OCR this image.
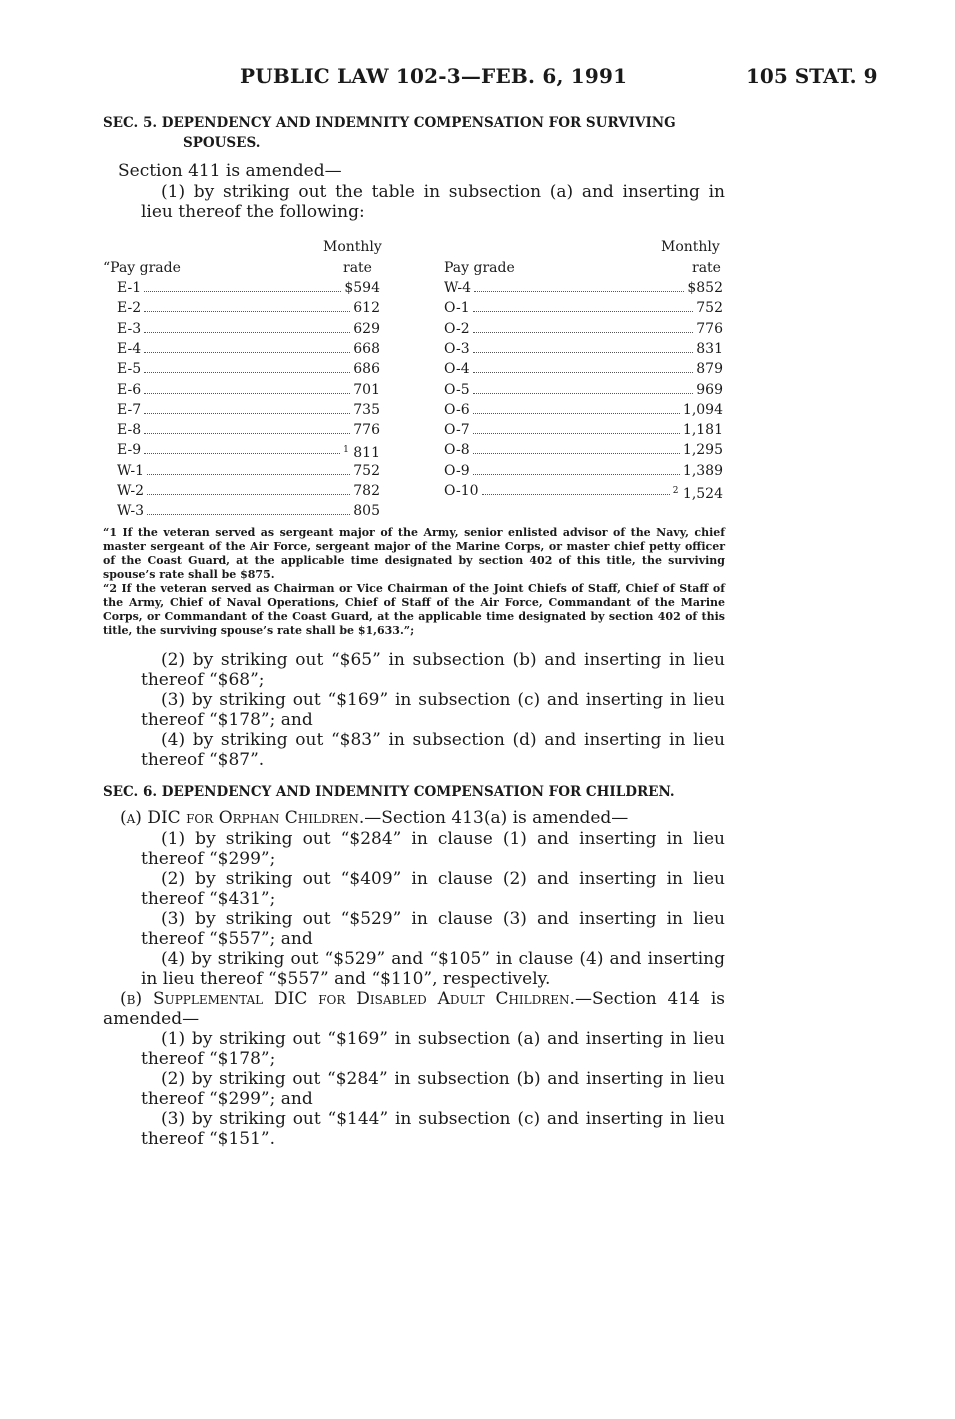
PUBLIC LAW 102-3—FEB. 6, 1991	105 STAT. 9
SEC. 5. DEPENDENCY AND INDEMNITY COMPENSATION FOR SURVIVING
SPOUSES.
Section 411 is amended—
(1) by striking out the table in subsection (a) and inserting in lieu thereof the following:
Monthly
“Pay grade	rate
Monthly
Pay grade	rate
E-1	$594
E-2	612
E-3	629
E-4	668
E-5	686
E-6	701
E-7	735
E-8	776
E-9	$^1$ 811
W-1	752
W-2	782
W-3	805
W-4	$852
O-1	752
O-2	776
O-3	831
O-4	879
O-5	969
O-6	1,094
O-7	1,181
O-8	1,295
O-9	1,389
O-10	$^2$ 1,524
“1 If the veteran served as sergeant major of the Army, senior enlisted advisor of the Navy, chief master sergeant of the Air Force, sergeant major of the Marine Corps, or master chief petty officer of the Coast Guard, at the applicable time designated by section 402 of this title, the surviving spouse’s rate shall be $875.
“2 If the veteran served as Chairman or Vice Chairman of the Joint Chiefs of Staff, Chief of Staff of the Army, Chief of Naval Operations, Chief of Staff of the Air Force, Commandant of the Marine Corps, or Commandant of the Coast Guard, at the applicable time designated by section 402 of this title, the surviving spouse’s rate shall be $1,633.”;
(2) by striking out “$65” in subsection (b) and inserting in lieu thereof “$68”;
(3) by striking out “$169” in subsection (c) and inserting in lieu thereof “$178”; and
(4) by striking out “$83” in subsection (d) and inserting in lieu thereof “$87”.
SEC. 6. DEPENDENCY AND INDEMNITY COMPENSATION FOR CHILDREN.
(a) DIC for Orphan Children.—Section 413(a) is amended—
(1) by striking out “$284” in clause (1) and inserting in lieu thereof “$299”;
(2) by striking out “$409” in clause (2) and inserting in lieu thereof “$431”;
(3) by striking out “$529” in clause (3) and inserting in lieu thereof “$557”; and
(4) by striking out “$529” and “$105” in clause (4) and inserting in lieu thereof “$557” and “$110”, respectively.
(b) Supplemental DIC for Disabled Adult Children.—Section 414 is amended—
(1) by striking out “$169” in subsection (a) and inserting in lieu thereof “$178”;
(2) by striking out “$284” in subsection (b) and inserting in lieu thereof “$299”; and
(3) by striking out “$144” in subsection (c) and inserting in lieu thereof “$151”.
